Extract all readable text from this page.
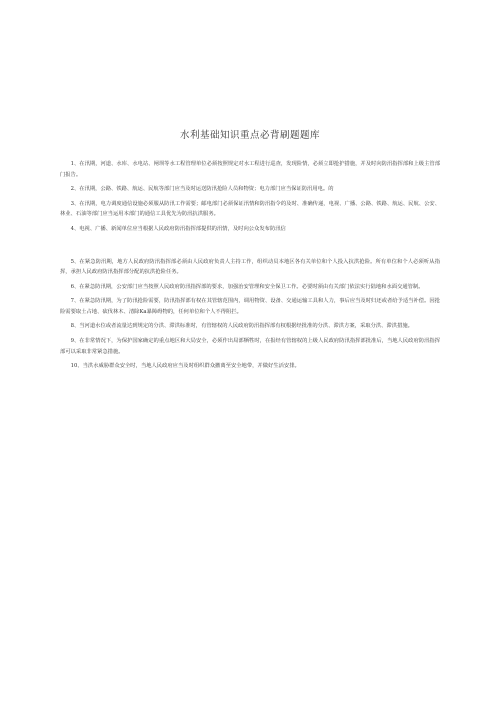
水利基础知识重点必背刷题题库

1、在汛期，河道、水库、水电站、闸坝等水工程管理单位必须按照规定对水工程进行巡查，发现险情，必须立即抢护措施，并及时向防汛指挥部和上级主管部门报告。

2、在汛期，公路、铁路、航运、民航等部门应当及时运送防汛抢险人员和物资；电力部门应当保证防汛用电。的

3、在汛期，电力调度通信设施必须服从防汛工作需要；邮电部门必须保证汛情和防汛指令的及时、准确传递，电视、广播、公路、铁路、航运、民航、公安、林业、石油等部门应当运用本部门的通信工具优先为防汛抗洪服务。

4、电视、广播、新闻单位应当根据人民政府防汛指挥部提供的汛情，及时向公众发布防汛信

5、在紧急防汛期，地方人民政府防汛指挥部必须由人民政府负责人主持工作，组织动员本地区各有关单位和个人投入抗洪抢险。所有单位和个人必须听从指挥，承担人民政府防汛指挥部分配的抗洪抢险任务。

6、在紧急防汛期，公安部门应当按照人民政府防汛指挥部的要求，加强治安管理和安全保卫工作。必要时须由有关部门依法实行陆地和水面交通管制。

7、在紧急防汛期，为了防汛抢险需要，防汛指挥部有权在其管辖范围内，调用物资、设备、交通运输工具和人力，事后应当及时归还或者给予适当补偿。因抢险需要取土占地、砍伐林木、清除Ka暴障碍物的，任何单位和个人不得阻拦。

8、当河道水位或者流量达到规定的分洪、滞洪标准时，有管辖权的人民政府防汛指挥部有权根据经批准的分洪、滞洪方案，采取分洪、滞洪措施。

9、在非常情况下，为保护国家确定的重点地区和大局安全，必须作出局部牺牲时，在报经有管辖权的上级人民政府防汛指挥部批准后，当地人民政府防汛指挥部可以采取非常紧急措施。

10、当洪水威胁群众安全时，当地人民政府应当及时组织群众撤离至安全地带，并做好生活安排。
